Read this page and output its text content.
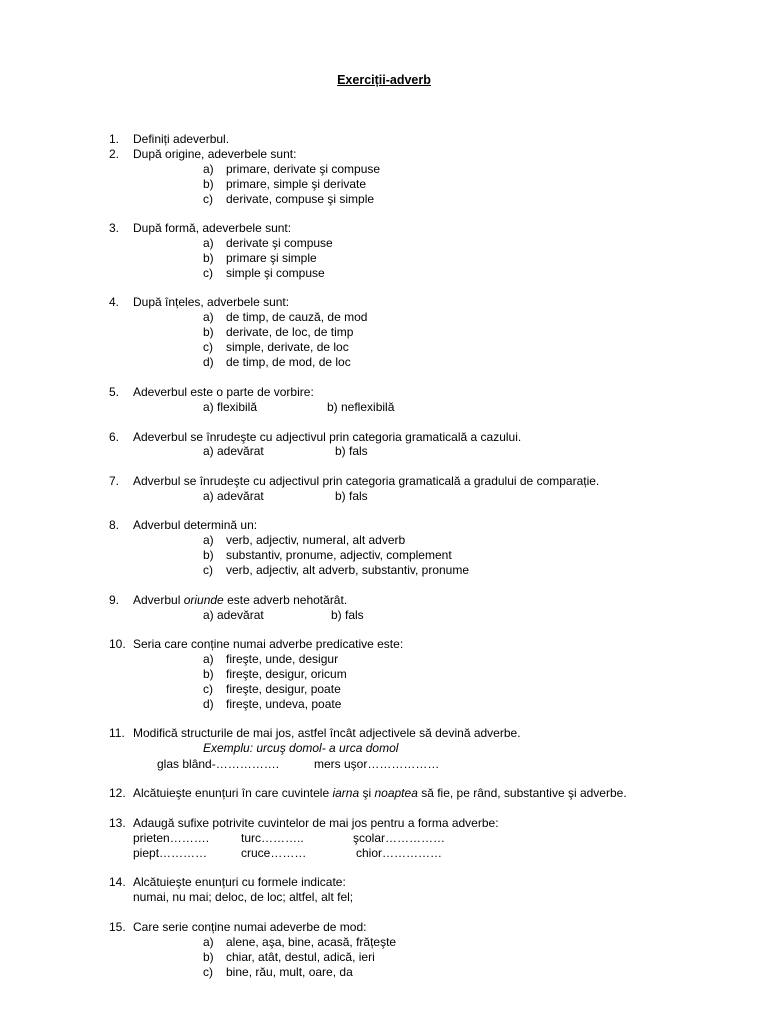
Exerciții-adverb
1. Definiți adeverbul.
2. După origine, adeverbele sunt:
a) primare, derivate şi compuse
b) primare, simple şi derivate
c) derivate, compuse şi simple
3. După formă, adeverbele sunt:
a) derivate şi compuse
b) primare şi simple
c) simple şi compuse
4. După înțeles, adverbele sunt:
a) de timp, de cauză, de mod
b) derivate, de loc, de timp
c) simple, derivate, de loc
d) de timp, de mod, de loc
5. Adeverbul este o parte de vorbire:
a) flexibilă	b) neflexibilă
6. Adeverbul se înrudeşte cu adjectivul prin categoria gramaticală a cazului.
a) adevărat	b) fals
7. Adverbul se înrudeşte cu adjectivul prin categoria gramaticală a gradului de comparație.
a) adevărat	b) fals
8. Adverbul determină un:
a) verb, adjectiv, numeral, alt adverb
b) substantiv, pronume, adjectiv, complement
c) verb, adjectiv, alt adverb, substantiv, pronume
9. Adverbul oriunde este adverb nehotărât.
a) adevărat	b) fals
10. Seria care conține numai adverbe predicative este:
a) fireşte, unde, desigur
b) fireşte, desigur, oricum
c) fireşte, desigur, poate
d) fireşte, undeva, poate
11. Modifică structurile de mai jos, astfel încât adjectivele să devină adverbe.
Exemplu: urcuş domol- a urca domol
glas blând-…………….	mers uşor………………
12. Alcătuieşte enunțuri în care cuvintele iarna şi noaptea să fie, pe rând, substantive şi adverbe.
13. Adaugă sufixe potrivite cuvintelor de mai jos pentru a forma adverbe:
prieten……….	turc………..	şcolar……………
piept…………	cruce………	chior……………
14. Alcătuieşte enunțuri cu formele indicate:
numai, nu mai; deloc, de loc; altfel, alt fel;
15. Care serie conține numai adeverbe de mod:
a) alene, aşa, bine, acasă, frățeşte
b) chiar, atât, destul, adică, ieri
c) bine, rău, mult, oare, da
